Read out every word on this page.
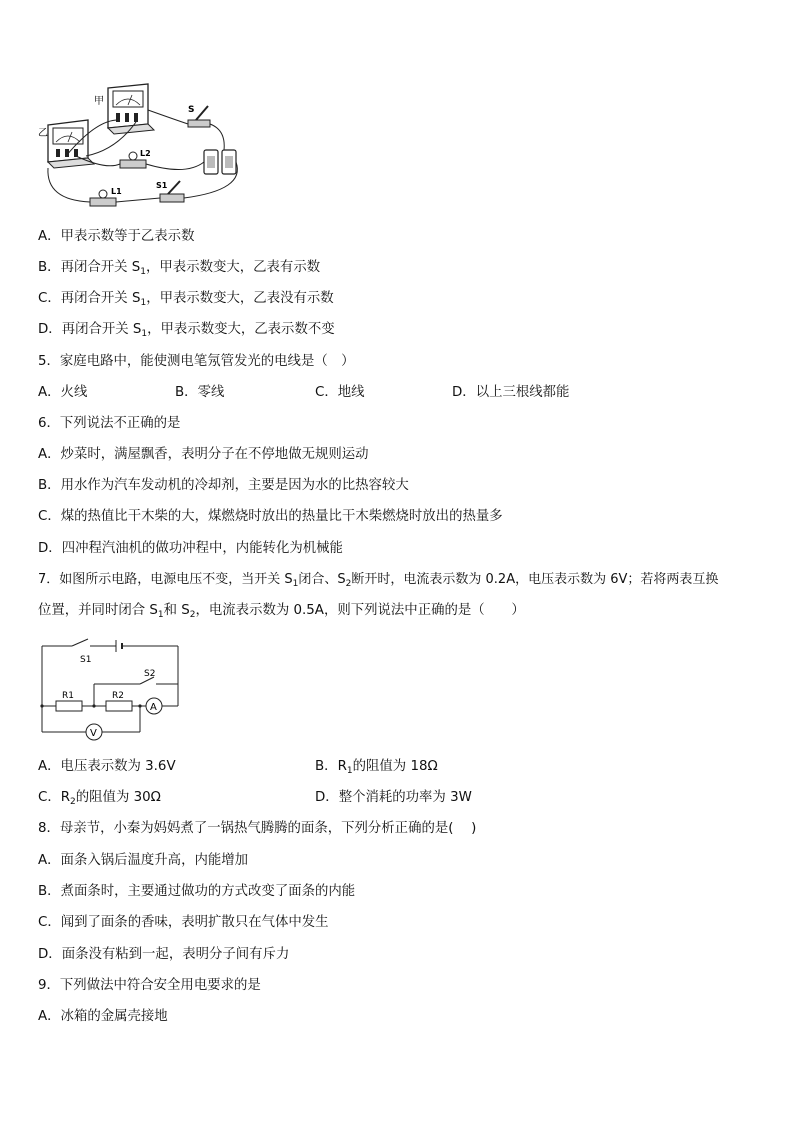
乙
甲
S
L2
L1
S1
A．甲表示数等于乙表示数
B．再闭合开关 $S_1$，甲表示数变大，乙表有示数
C．再闭合开关 $S_1$，甲表示数变大，乙表没有示数
D．再闭合开关 $S_1$，甲表示数变大，乙表示数不变
5．家庭电路中，能使测电笔氖管发光的电线是（　）
A．火线	B．零线	C．地线	D．以上三根线都能
6．下列说法不正确的是
A．炒菜时，满屋飘香，表明分子在不停地做无规则运动
B．用水作为汽车发动机的冷却剂，主要是因为水的比热容较大
C．煤的热值比干木柴的大，煤燃烧时放出的热量比干木柴燃烧时放出的热量多
D．四冲程汽油机的做功冲程中，内能转化为机械能
7．如图所示电路，电源电压不变，当开关 $S_1$闭合、$S_2$断开时，电流表示数为 0.2A，电压表示数为 6V；若将两表互换
位置，并同时闭合 $S_1$和 $S_2$，电流表示数为 0.5A，则下列说法中正确的是（　　）
S1
S2
R1	R2
A
V
A．电压表示数为 3.6V	B．$R_1$的阻值为 18Ω
C．$R_2$的阻值为 30Ω	D．整个消耗的功率为 3W
8．母亲节，小秦为妈妈煮了一锅热气腾腾的面条，下列分析正确的是(　 )
A．面条入锅后温度升高，内能增加
B．煮面条时，主要通过做功的方式改变了面条的内能
C．闻到了面条的香味，表明扩散只在气体中发生
D．面条没有粘到一起，表明分子间有斥力
9．下列做法中符合安全用电要求的是
A．冰箱的金属壳接地
